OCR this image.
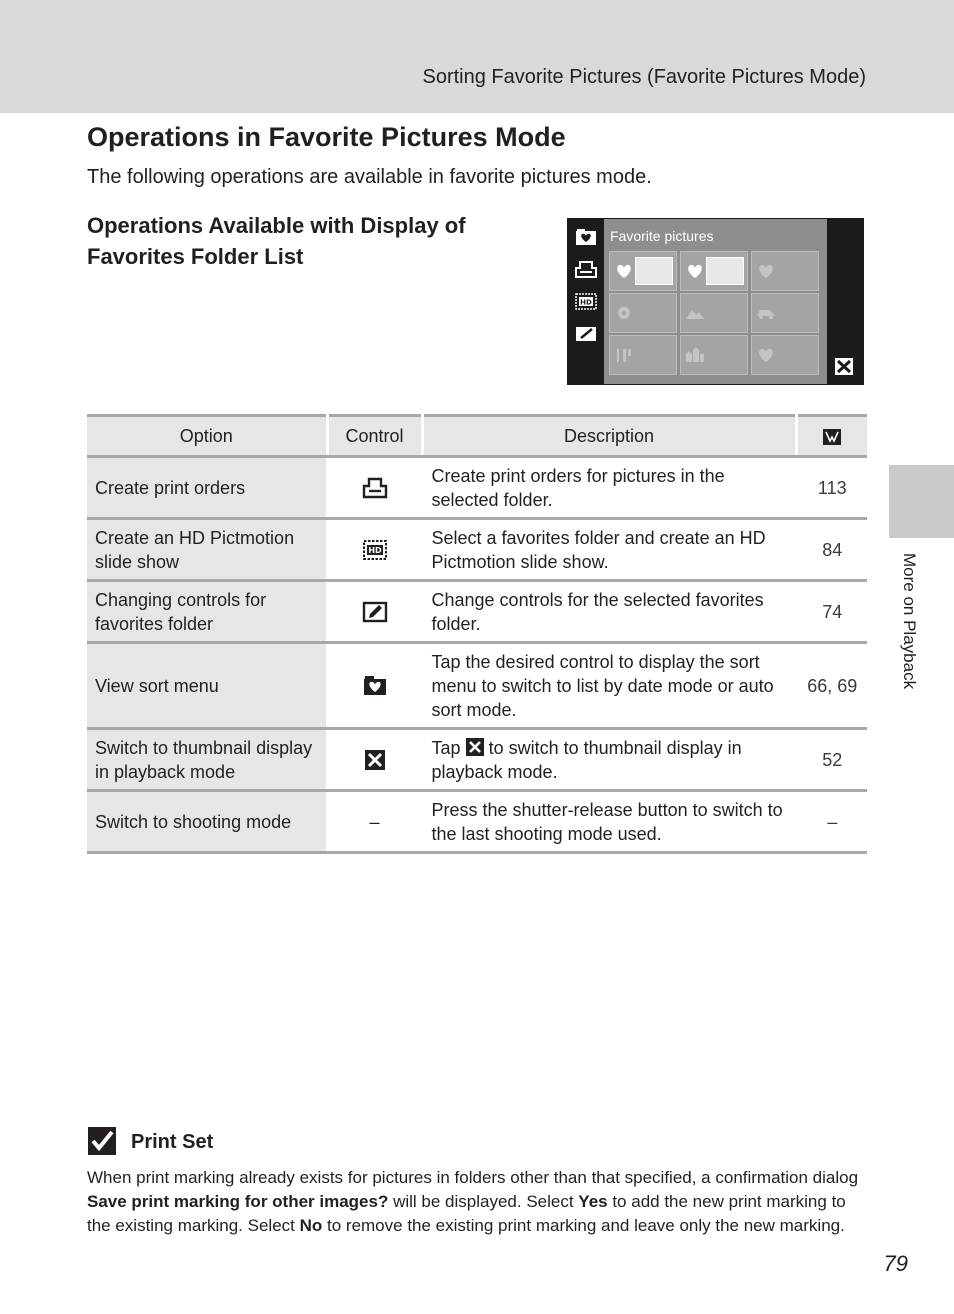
Sorting Favorite Pictures (Favorite Pictures Mode)
Operations in Favorite Pictures Mode

The following operations are available in favorite pictures mode.

Operations Available with Display of Favorites Folder List
HD
Favorite pictures
Option	Control	Description	
Create print orders		Create print orders for pictures in the selected folder.	113
Create an HD Pictmotion slide show	HD	Select a favorites folder and create an HD Pictmotion slide show.	84
Changing controls for favorites folder		Change controls for the selected favorites folder.	74
View sort menu		Tap the desired control to display the sort menu to switch to list by date mode or auto sort mode.	66, 69
Switch to thumbnail display in playback mode		Tap to switch to thumbnail display in playback mode.	52
Switch to shooting mode	–	Press the shutter-release button to switch to the last shooting mode used.	–
More on Playback
Print Set

When print marking already exists for pictures in folders other than that specified, a confirmation dialog Save print marking for other images? will be displayed. Select Yes to add the new print marking to the existing marking. Select No to remove the existing print marking and leave only the new marking.

79
